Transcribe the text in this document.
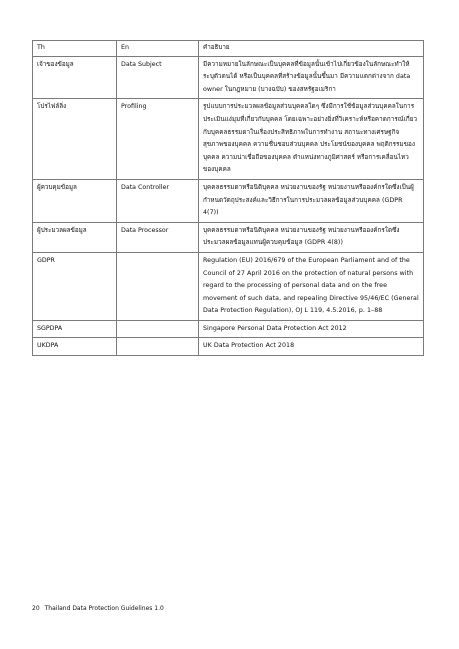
Th	En	คำอธิบาย
เจ้าของข้อมูล	Data Subject	มีความหมายในลักษณะเป็นบุคคลที่ข้อมูลนั้นเข้าไปเกี่ยวข้องในลักษณะทำให้ระบุตัวตนได้ หรือเป็นบุคคลที่สร้างข้อมูลนั้นขึ้นมา มีความแตกต่างจาก data owner ในกฎหมาย (บางฉบับ) ของสหรัฐอเมริกา
โปรไฟล์ลิ่ง	Profiling	รูปแบบการประมวลผลข้อมูลส่วนบุคคลใดๆ ซึ่งมีการใช้ข้อมูลส่วนบุคคลในการประเมินแง่มุมที่เกี่ยวกับบุคคล โดยเฉพาะอย่างยิ่งที่วิเคราะห์หรือคาดการณ์เกี่ยวกับบุคคลธรรมดาในเรื่องประสิทธิภาพในการทำงาน สถานะทางเศรษฐกิจ สุขภาพของบุคคล ความชื่นชอบส่วนบุคคล ประโยชน์ของบุคคล พฤติกรรมของบุคคล ความน่าเชื่อถือของบุคคล ตำแหน่งทางภูมิศาสตร์ หรือการเคลื่อนไหวของบุคคล
ผู้ควบคุมข้อมูล	Data Controller	บุคคลธรรมดาหรือนิติบุคคล หน่วยงานของรัฐ หน่วยงานหรือองค์กรใดซึ่งเป็นผู้กำหนดวัตถุประสงค์และวิธีการในการประมวลผลข้อมูลส่วนบุคคล (GDPR 4(7))
ผู้ประมวลผลข้อมูล	Data Processor	บุคคลธรรมดาหรือนิติบุคคล หน่วยงานของรัฐ หน่วยงานหรือองค์กรใดซึ่งประมวลผลข้อมูลแทนผู้ควบคุมข้อมูล (GDPR 4(8))
GDPR		Regulation (EU) 2016/679 of the European Parliament and of the Council of 27 April 2016 on the protection of natural persons with regard to the processing of personal data and on the free movement of such data, and repealing Directive 95/46/EC (General Data Protection Regulation), OJ L 119, 4.5.2016, p. 1–88
SGPDPA		Singapore Personal Data Protection Act 2012
UKDPA		UK Data Protection Act 2018
20 Thailand Data Protection Guidelines 1.0
